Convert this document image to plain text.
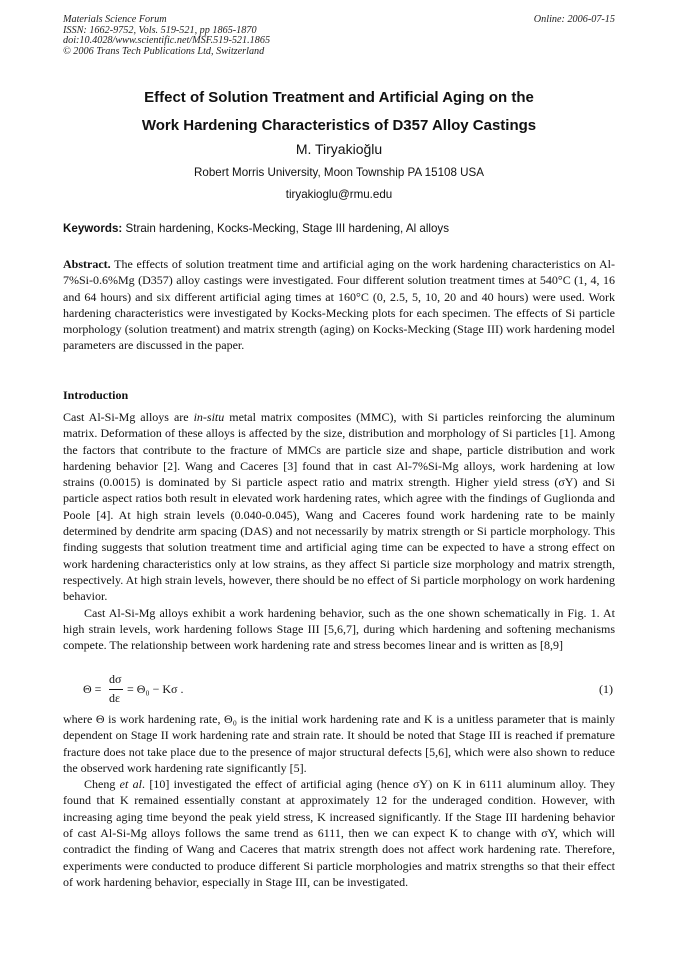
Materials Science Forum
ISSN: 1662-9752, Vols. 519-521, pp 1865-1870
doi:10.4028/www.scientific.net/MSF.519-521.1865
© 2006 Trans Tech Publications Ltd, Switzerland
Online: 2006-07-15
Effect of Solution Treatment and Artificial Aging on the
Work Hardening Characteristics of D357 Alloy Castings
M. Tiryakioğlu
Robert Morris University, Moon Township PA 15108 USA
tiryakioglu@rmu.edu
Keywords: Strain hardening, Kocks-Mecking, Stage III hardening, Al alloys

Abstract. The effects of solution treatment time and artificial aging on the work hardening characteristics on Al-7%Si-0.6%Mg (D357) alloy castings were investigated. Four different solution treatment times at 540°C (1, 4, 16 and 64 hours) and six different artificial aging times at 160°C (0, 2.5, 5, 10, 20 and 40 hours) were used. Work hardening characteristics were investigated by Kocks-Mecking plots for each specimen. The effects of Si particle morphology (solution treatment) and matrix strength (aging) on Kocks-Mecking (Stage III) work hardening model parameters are discussed in the paper.

Introduction

Cast Al-Si-Mg alloys are in-situ metal matrix composites (MMC), with Si particles reinforcing the aluminum matrix. Deformation of these alloys is affected by the size, distribution and morphology of Si particles [1]. Among the factors that contribute to the fracture of MMCs are particle size and shape, particle distribution and work hardening behavior [2]. Wang and Caceres [3] found that in cast Al-7%Si-Mg alloys, work hardening at low strains (0.0015) is dominated by Si particle aspect ratio and matrix strength. Higher yield stress (σY) and Si particle aspect ratios both result in elevated work hardening rates, which agree with the findings of Guglionda and Poole [4]. At high strain levels (0.040-0.045), Wang and Caceres found work hardening rate to be mainly determined by dendrite arm spacing (DAS) and not necessarily by matrix strength or Si particle morphology. This finding suggests that solution treatment time and artificial aging time can be expected to have a strong effect on work hardening characteristics only at low strains, as they affect Si particle size morphology and matrix strength, respectively. At high strain levels, however, there should be no effect of Si particle morphology on work hardening behavior.

Cast Al-Si-Mg alloys exhibit a work hardening behavior, such as the one shown schematically in Fig. 1. At high strain levels, work hardening follows Stage III [5,6,7], during which hardening and softening mechanisms compete. The relationship between work hardening rate and stress becomes linear and is written as [8,9]

Θ =
dσ
dε
= Θ₀ − Kσ .	(1)

where Θ is work hardening rate, Θ₀ is the initial work hardening rate and K is a unitless parameter that is mainly dependent on Stage II work hardening rate and strain rate. It should be noted that Stage III is reached if premature fracture does not take place due to the presence of major structural defects [5,6], which were also shown to reduce the observed work hardening rate significantly [5].

Cheng et al. [10] investigated the effect of artificial aging (hence σY) on K in 6111 aluminum alloy. They found that K remained essentially constant at approximately 12 for the underaged condition. However, with increasing aging time beyond the peak yield stress, K increased significantly. If the Stage III hardening behavior of cast Al-Si-Mg alloys follows the same trend as 6111, then we can expect K to change with σY, which will contradict the finding of Wang and Caceres that matrix strength does not affect work hardening rate. Therefore, experiments were conducted to produce different Si particle morphologies and matrix strengths so that their effect of work hardening behavior, especially in Stage III, can be investigated.
